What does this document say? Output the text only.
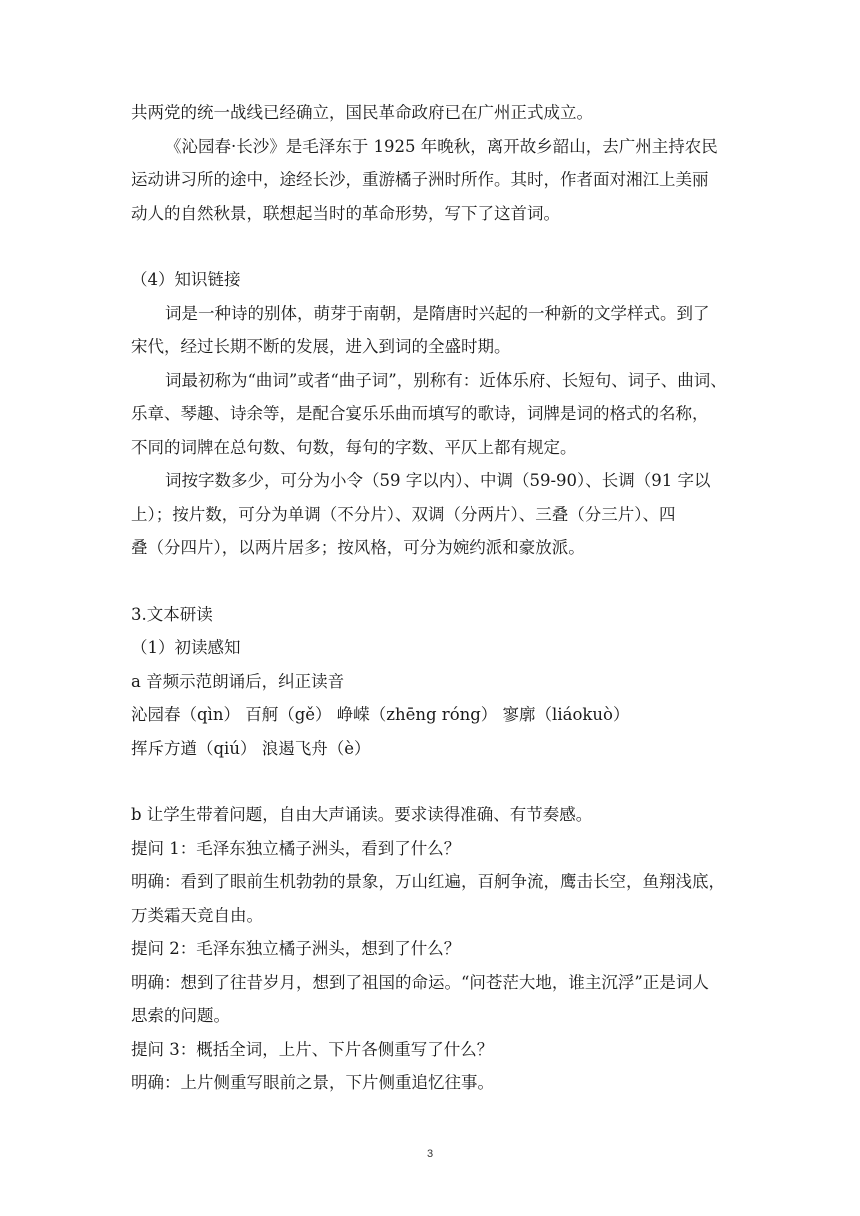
共两党的统一战线已经确立，国民革命政府已在广州正式成立。

《沁园春·长沙》是毛泽东于 1925 年晚秋，离开故乡韶山，去广州主持农民

运动讲习所的途中，途经长沙，重游橘子洲时所作。其时，作者面对湘江上美丽

动人的自然秋景，联想起当时的革命形势，写下了这首词。

（4）知识链接

词是一种诗的别体，萌芽于南朝，是隋唐时兴起的一种新的文学样式。到了

宋代，经过长期不断的发展，进入到词的全盛时期。

词最初称为“曲词”或者“曲子词”，别称有：近体乐府、长短句、词子、曲词、

乐章、琴趣、诗余等，是配合宴乐乐曲而填写的歌诗，词牌是词的格式的名称，

不同的词牌在总句数、句数，每句的字数、平仄上都有规定。

词按字数多少，可分为小令（59 字以内）、中调（59-90）、长调（91 字以

上）；按片数，可分为单调（不分片）、双调（分两片）、三叠（分三片）、四

叠（分四片），以两片居多；按风格，可分为婉约派和豪放派。

3.文本研读

（1）初读感知

a 音频示范朗诵后，纠正读音

沁园春（qìn） 百舸（gě） 峥嵘（zhēng róng） 寥廓（liáokuò）

挥斥方遒（qiú） 浪遏飞舟（è）

b 让学生带着问题，自由大声诵读。要求读得准确、有节奏感。

提问 1：毛泽东独立橘子洲头，看到了什么？

明确：看到了眼前生机勃勃的景象，万山红遍，百舸争流，鹰击长空，鱼翔浅底，

万类霜天竞自由。

提问 2：毛泽东独立橘子洲头，想到了什么？

明确：想到了往昔岁月，想到了祖国的命运。“问苍茫大地，谁主沉浮”正是词人

思索的问题。

提问 3：概括全词，上片、下片各侧重写了什么？

明确：上片侧重写眼前之景，下片侧重追忆往事。

3
